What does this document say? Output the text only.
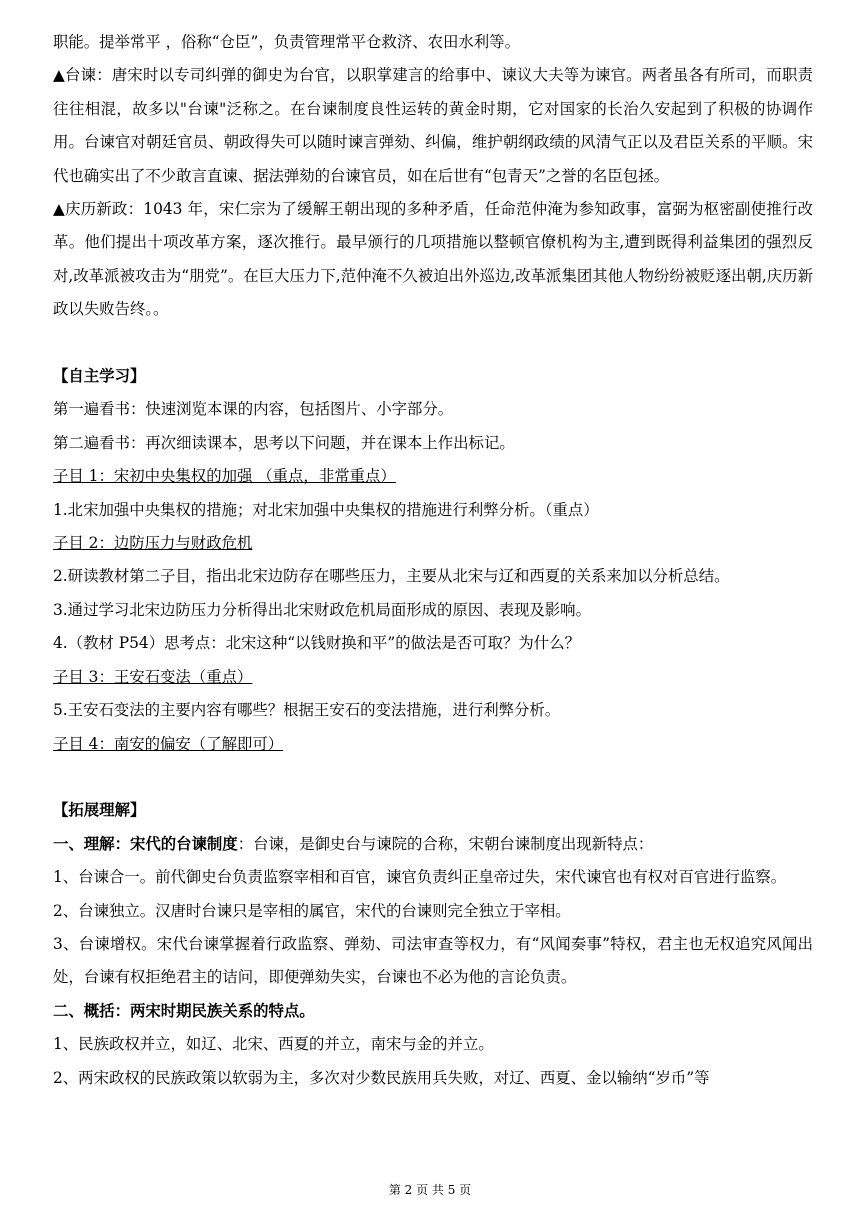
职能。提举常平 ，俗称“仓臣”，负责管理常平仓救济、农田水利等。

▲台谏：唐宋时以专司纠弹的御史为台官，以职掌建言的给事中、谏议大夫等为谏官。两者虽各有所司，而职责往往相混，故多以"台谏"泛称之。在台谏制度良性运转的黄金时期，它对国家的长治久安起到了积极的协调作用。台谏官对朝廷官员、朝政得失可以随时谏言弹劾、纠偏，维护朝纲政绩的风清气正以及君臣关系的平顺。宋代也确实出了不少敢言直谏、据法弹劾的台谏官员，如在后世有“包青天”之誉的名臣包拯。

▲庆历新政：1043 年，宋仁宗为了缓解王朝出现的多种矛盾，任命范仲淹为参知政事，富弼为枢密副使推行改革。他们提出十项改革方案，逐次推行。最早颁行的几项措施以整顿官僚机构为主,遭到既得利益集团的强烈反对,改革派被攻击为“朋党”。在巨大压力下,范仲淹不久被迫出外巡边,改革派集团其他人物纷纷被贬逐出朝,庆历新政以失败告终。。

【自主学习】

第一遍看书：快速浏览本课的内容，包括图片、小字部分。

第二遍看书：再次细读课本，思考以下问题，并在课本上作出标记。

子目 1：宋初中央集权的加强 （重点，非常重点）

1.北宋加强中央集权的措施；对北宋加强中央集权的措施进行利弊分析。（重点）

子目 2：边防压力与财政危机

2.研读教材第二子目，指出北宋边防存在哪些压力，主要从北宋与辽和西夏的关系来加以分析总结。

3.通过学习北宋边防压力分析得出北宋财政危机局面形成的原因、表现及影响。

4.（教材 P54）思考点：北宋这种“以钱财换和平”的做法是否可取？为什么？

子目 3：王安石变法（重点）

5.王安石变法的主要内容有哪些？根据王安石的变法措施，进行利弊分析。

子目 4：南安的偏安（了解即可）

【拓展理解】

一、理解：宋代的台谏制度：台谏，是御史台与谏院的合称，宋朝台谏制度出现新特点：

1、台谏合一。前代御史台负责监察宰相和百官，谏官负责纠正皇帝过失，宋代谏官也有权对百官进行监察。

2、台谏独立。汉唐时台谏只是宰相的属官，宋代的台谏则完全独立于宰相。

3、台谏增权。宋代台谏掌握着行政监察、弹劾、司法审查等权力，有“风闻奏事”特权，君主也无权追究风闻出处，台谏有权拒绝君主的诘问，即便弹劾失实，台谏也不必为他的言论负责。

二、概括：两宋时期民族关系的特点。

1、民族政权并立，如辽、北宋、西夏的并立，南宋与金的并立。

2、两宋政权的民族政策以软弱为主，多次对少数民族用兵失败，对辽、西夏、金以输纳“岁币”等

第 2 页 共 5 页
